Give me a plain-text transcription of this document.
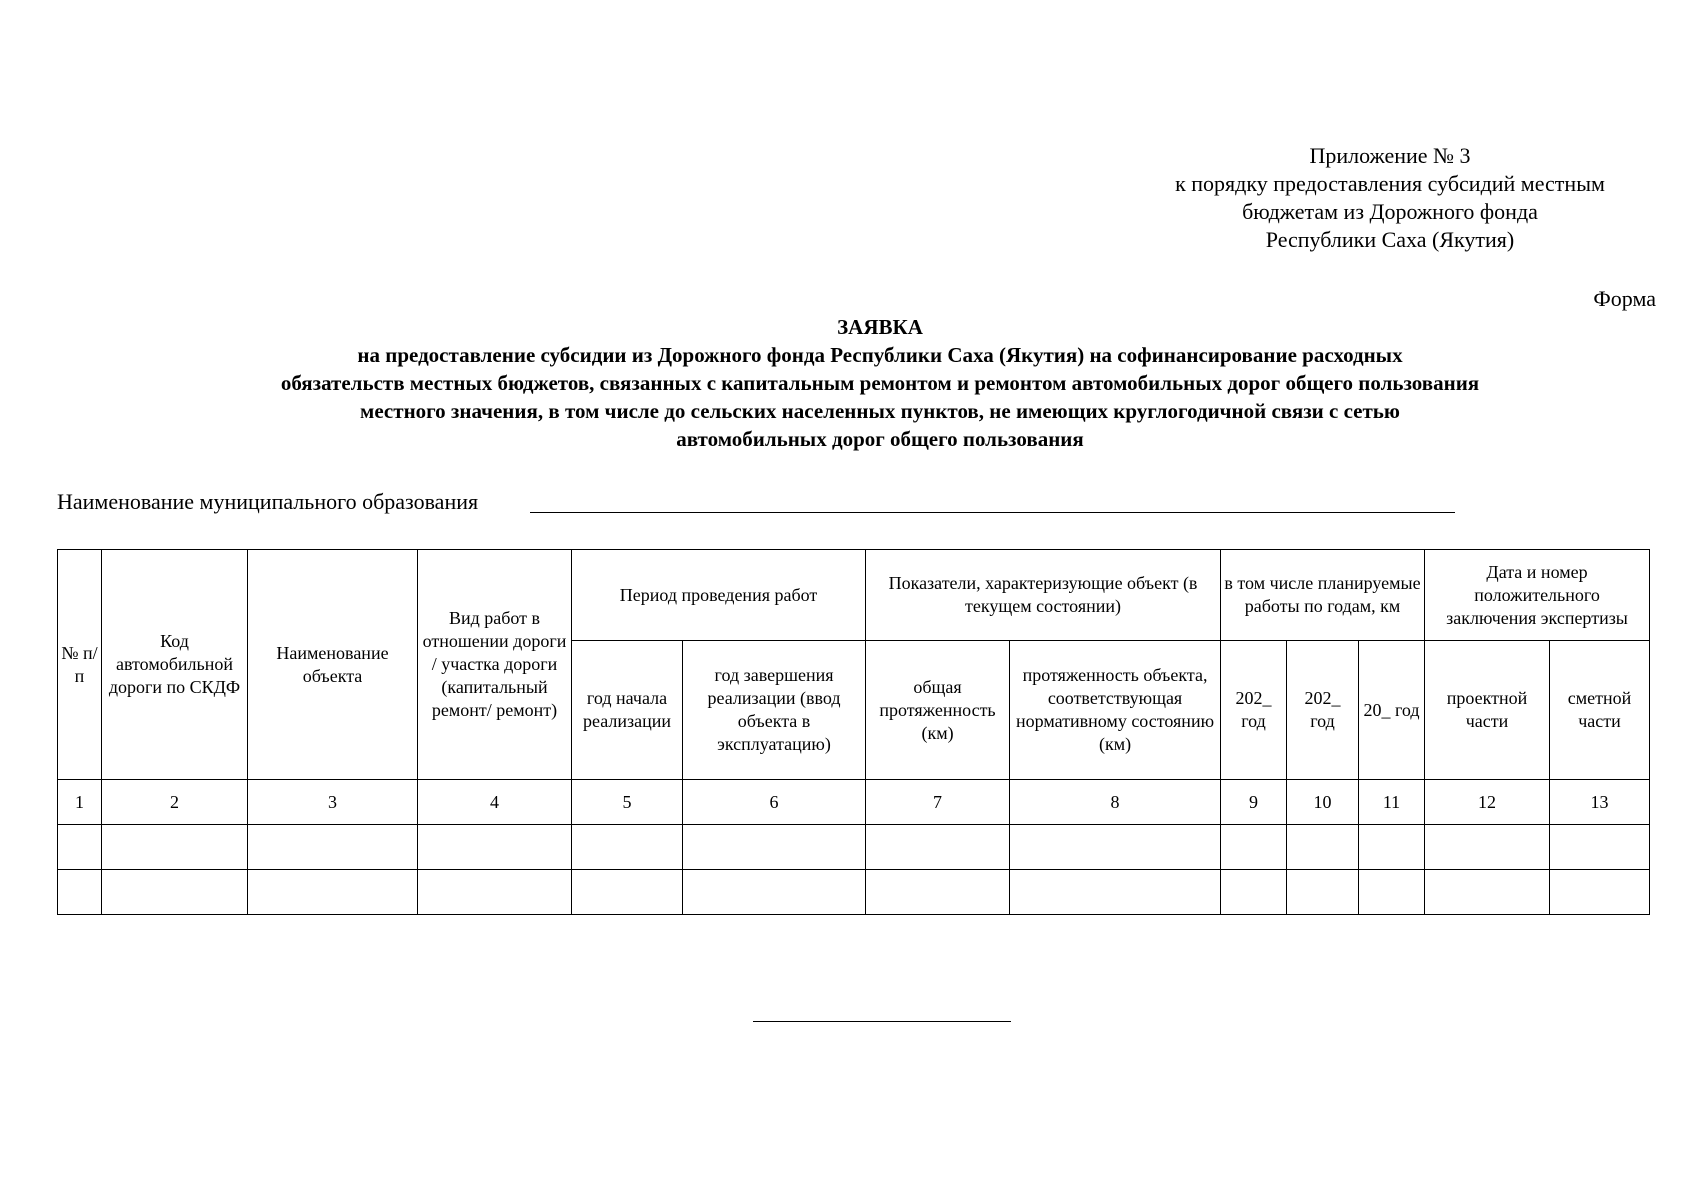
Приложение № 3
к порядку предоставления субсидий местным
бюджетам из Дорожного фонда
Республики Саха (Якутия)
Форма
ЗАЯВКА
на предоставление субсидии из Дорожного фонда Республики Саха (Якутия) на софинансирование расходных
обязательств местных бюджетов, связанных с капитальным ремонтом и ремонтом автомобильных дорог общего пользования
местного значения, в том числе до сельских населенных пунктов, не имеющих круглогодичной связи с сетью
автомобильных дорог общего пользования
Наименование муниципального образования
№ п/п	Код автомобильной дороги по СКДФ	Наименование объекта	Вид работ в отношении дороги / участка дороги (капитальный ремонт/ ремонт)	Период проведения работ		Показатели, характеризующие объект (в текущем состоянии)		в том числе планируемые работы по годам, км			Дата и номер положительного заключения экспертизы	
				год начала реализации	год завершения реализации (ввод объекта в эксплуатацию)	общая протяженность (км)	протяженность объекта, соответствующая нормативному состоянию (км)	202_ год	202_ год	20_ год	проектной части	сметной части
1	2	3	4	5	6	7	8	9	10	11	12	13
